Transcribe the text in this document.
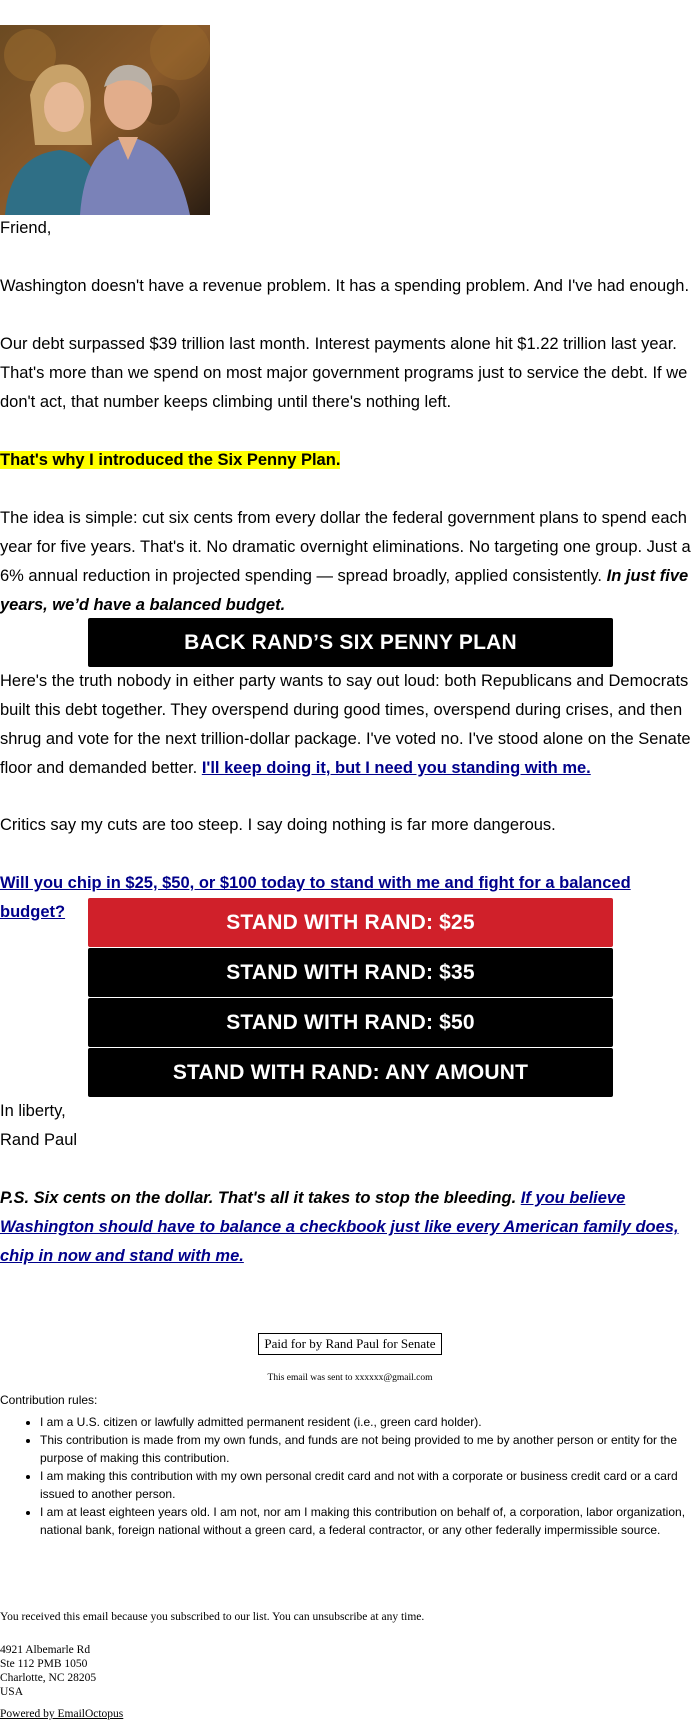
Friend,
Washington doesn't have a revenue problem. It has a spending problem. And I've had enough.
Our debt surpassed $39 trillion last month. Interest payments alone hit $1.22 trillion last year. That's more than we spend on most major government programs just to service the debt. If we don't act, that number keeps climbing until there's nothing left.
That's why I introduced the Six Penny Plan.
The idea is simple: cut six cents from every dollar the federal government plans to spend each year for five years. That's it. No dramatic overnight eliminations. No targeting one group. Just a 6% annual reduction in projected spending — spread broadly, applied consistently. In just five years, we’d have a balanced budget.
BACK RAND’S SIX PENNY PLAN
Here's the truth nobody in either party wants to say out loud: both Republicans and Democrats built this debt together. They overspend during good times, overspend during crises, and then shrug and vote for the next trillion-dollar package. I've voted no. I've stood alone on the Senate floor and demanded better. I'll keep doing it, but I need you standing with me.
Critics say my cuts are too steep. I say doing nothing is far more dangerous.
Will you chip in $25, $50, or $100 today to stand with me and fight for a balanced budget?	STAND WITH RAND: $25
STAND WITH RAND: $35
STAND WITH RAND: $50
STAND WITH RAND: ANY AMOUNT
In liberty,
Rand Paul
P.S. Six cents on the dollar. That's all it takes to stop the bleeding. If you believe Washington should have to balance a checkbook just like every American family does, chip in now and stand with me.
Paid for by Rand Paul for Senate
This email was sent to xxxxxx@gmail.com
Contribution rules:
• I am a U.S. citizen or lawfully admitted permanent resident (i.e., green card holder).
• This contribution is made from my own funds, and funds are not being provided to me by another person or entity for the purpose of making this contribution.
• I am making this contribution with my own personal credit card and not with a corporate or business credit card or a card issued to another person.
• I am at least eighteen years old. I am not, nor am I making this contribution on behalf of, a corporation, labor organization, national bank, foreign national without a green card, a federal contractor, or any other federally impermissible source.
You received this email because you subscribed to our list. You can unsubscribe at any time.
4921 Albemarle Rd
Ste 112 PMB 1050
Charlotte, NC 28205
USA
Powered by EmailOctopus
